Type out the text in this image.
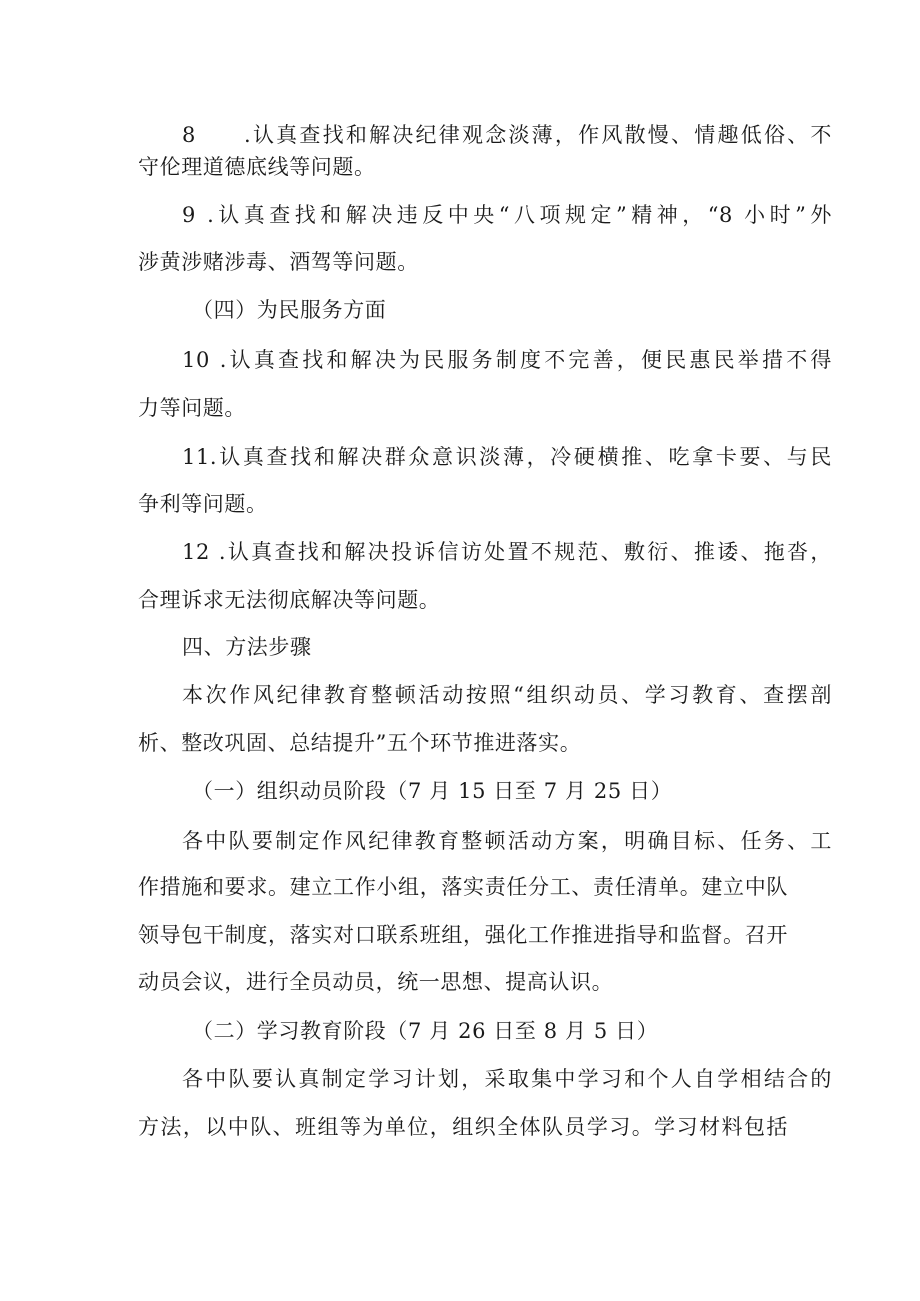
8　　.认真查找和解决纪律观念淡薄，作风散慢、情趣低俗、不
守伦理道德底线等问题。
9 .认真查找和解决违反中央“八项规定”精神，“8 小时”外
涉黄涉赌涉毒、酒驾等问题。
（四）为民服务方面
10 .认真查找和解决为民服务制度不完善，便民惠民举措不得
力等问题。
11.认真查找和解决群众意识淡薄，冷硬横推、吃拿卡要、与民
争利等问题。
12 .认真查找和解决投诉信访处置不规范、敷衍、推诿、拖沓，
合理诉求无法彻底解决等问题。
四、方法步骤
本次作风纪律教育整顿活动按照“组织动员、学习教育、查摆剖
析、整改巩固、总结提升”五个环节推进落实。
（一）组织动员阶段（7 月 15 日至 7 月 25 日）
各中队要制定作风纪律教育整顿活动方案，明确目标、任务、工
作措施和要求。建立工作小组，落实责任分工、责任清单。建立中队
领导包干制度，落实对口联系班组，强化工作推进指导和监督。召开
动员会议，进行全员动员，统一思想、提高认识。
（二）学习教育阶段（7 月 26 日至 8 月 5 日）
各中队要认真制定学习计划，采取集中学习和个人自学相结合的
方法，以中队、班组等为单位，组织全体队员学习。学习材料包括
